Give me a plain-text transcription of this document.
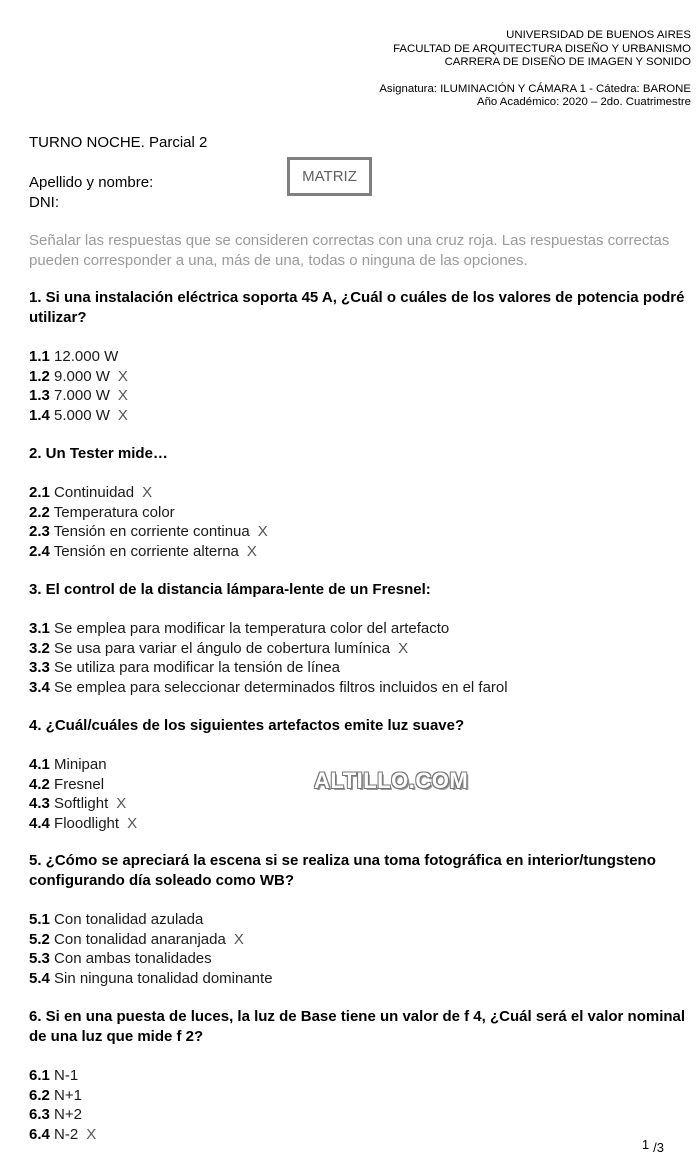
UNIVERSIDAD DE BUENOS AIRES
FACULTAD DE ARQUITECTURA DISEÑO Y URBANISMO
CARRERA DE DISEÑO DE IMAGEN Y SONIDO
Asignatura: ILUMINACIÓN Y CÁMARA 1 - Cátedra: BARONE
Año Académico: 2020 – 2do. Cuatrimestre
TURNO NOCHE. Parcial 2
Apellido y nombre:
DNI:
MATRIZ
Señalar las respuestas que se consideren correctas con una cruz roja. Las respuestas correctas pueden corresponder a una, más de una, todas o ninguna de las opciones.
1. Si una instalación eléctrica soporta 45 A, ¿Cuál o cuáles de los valores de potencia podré utilizar?
1.1 12.000 W
1.2 9.000 W X
1.3 7.000 W X
1.4 5.000 W X
2. Un Tester mide…
2.1 Continuidad X
2.2 Temperatura color
2.3 Tensión en corriente continua X
2.4 Tensión en corriente alterna X
3. El control de la distancia lámpara-lente de un Fresnel:
3.1 Se emplea para modificar la temperatura color del artefacto
3.2 Se usa para variar el ángulo de cobertura lumínica X
3.3 Se utiliza para modificar la tensión de línea
3.4 Se emplea para seleccionar determinados filtros incluidos en el farol
4. ¿Cuál/cuáles de los siguientes artefactos emite luz suave?
4.1 Minipan
4.2 Fresnel
4.3 Softlight X
4.4 Floodlight X
ALTILLO.COM
5. ¿Cómo se apreciará la escena si se realiza una toma fotográfica en interior/tungsteno configurando día soleado como WB?
5.1 Con tonalidad azulada
5.2 Con tonalidad anaranjada X
5.3 Con ambas tonalidades
5.4 Sin ninguna tonalidad dominante
6. Si en una puesta de luces, la luz de Base tiene un valor de f 4, ¿Cuál será el valor nominal de una luz que mide f 2?
6.1 N-1
6.2 N+1
6.3 N+2
6.4 N-2 X
1 /3
